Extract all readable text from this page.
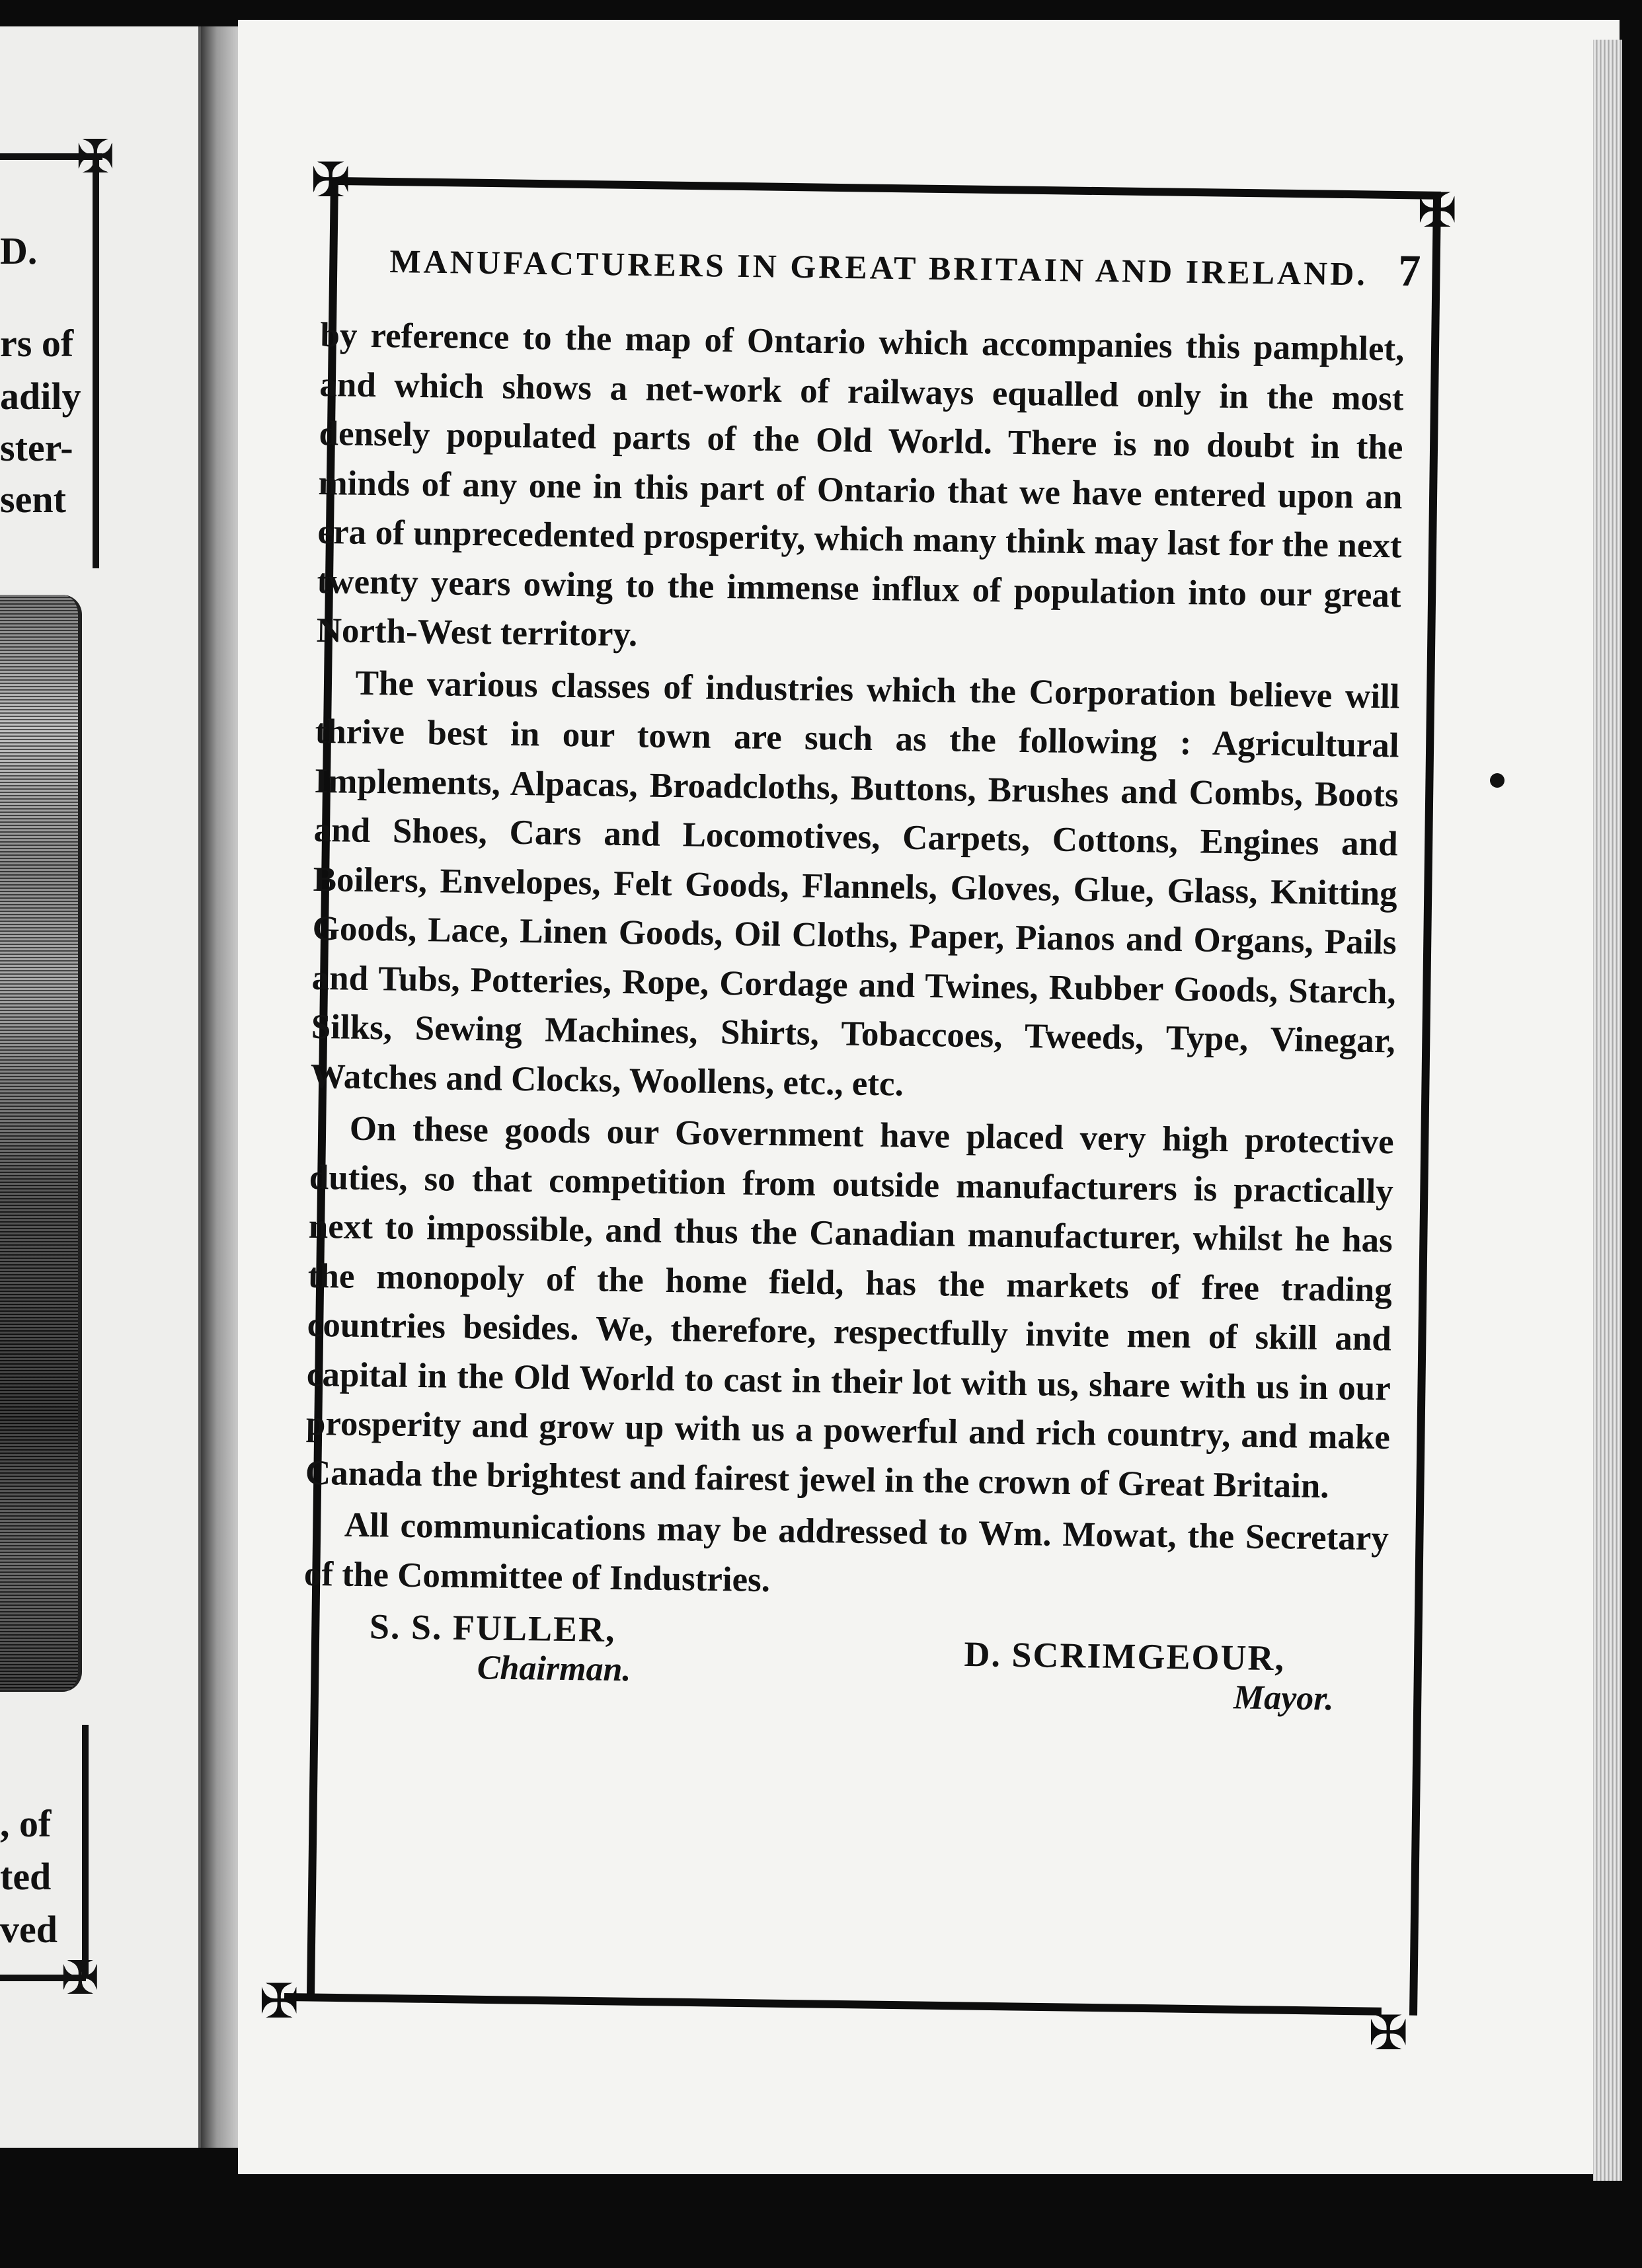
✠
D.
rs of
adily
ster-
sent
, of
ted
ved
✠
✠
✠
✠
✠
MANUFACTURERS IN GREAT BRITAIN AND IRELAND. 7

by reference to the map of Ontario which accompanies this pamphlet, and which shows a net-work of railways equalled only in the most densely populated parts of the Old World. There is no doubt in the minds of any one in this part of Ontario that we have entered upon an era of unprecedented prosperity, which many think may last for the next twenty years owing to the immense influx of population into our great North-West territory.

The various classes of industries which the Corporation believe will thrive best in our town are such as the following : Agricultural Implements, Alpacas, Broadcloths, Buttons, Brushes and Combs, Boots and Shoes, Cars and Locomotives, Carpets, Cottons, Engines and Boilers, Envelopes, Felt Goods, Flannels, Gloves, Glue, Glass, Knitting Goods, Lace, Linen Goods, Oil Cloths, Paper, Pianos and Organs, Pails and Tubs, Potteries, Rope, Cordage and Twines, Rubber Goods, Starch, Silks, Sewing Machines, Shirts, Tobaccoes, Tweeds, Type, Vinegar, Watches and Clocks, Woollens, etc., etc.

On these goods our Government have placed very high protective duties, so that competition from outside manufacturers is practically next to impossible, and thus the Canadian manufacturer, whilst he has the monopoly of the home field, has the markets of free trading countries besides. We, therefore, respectfully invite men of skill and capital in the Old World to cast in their lot with us, share with us in our prosperity and grow up with us a powerful and rich country, and make Canada the brightest and fairest jewel in the crown of Great Britain.

All communications may be addressed to Wm. Mowat, the Secretary of the Committee of Industries.

S. S. FULLER,
Chairman.	D. SCRIMGEOUR,
Mayor.
